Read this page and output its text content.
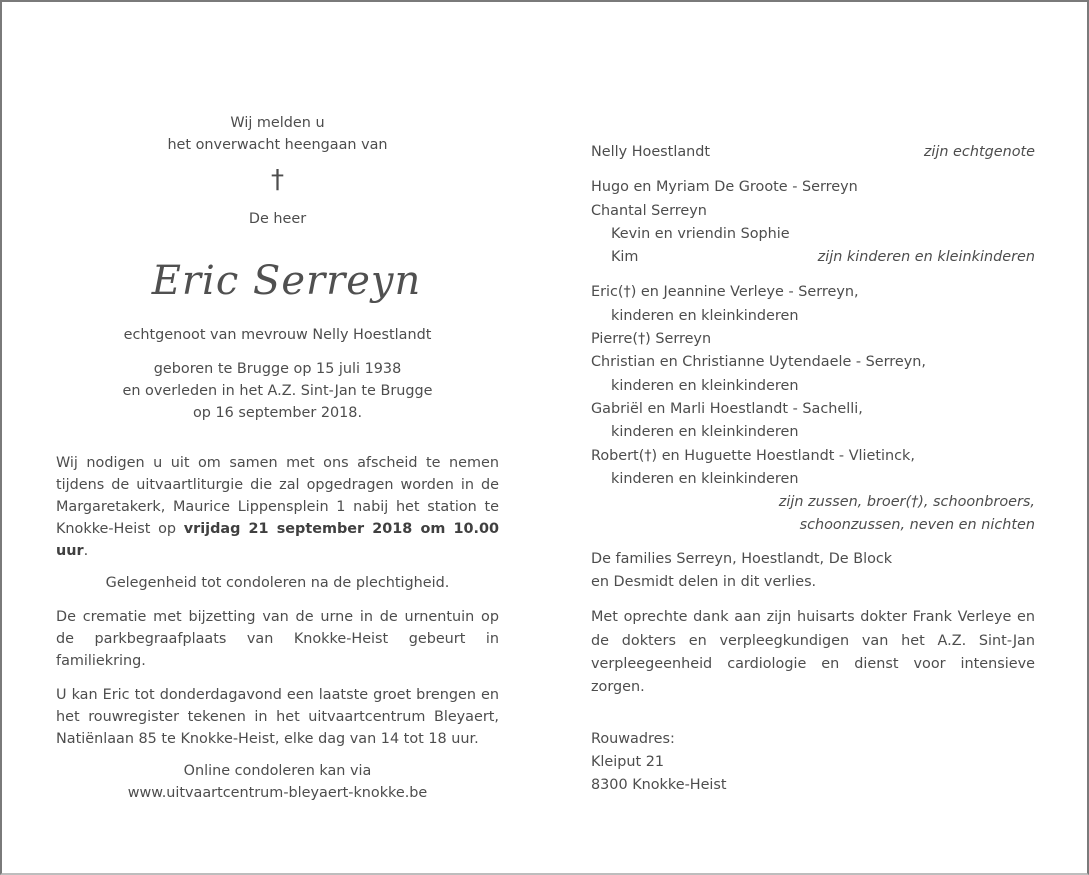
Wij melden u

het onverwacht heengaan van

†

De heer

Eric Serreyn

echtgenoot van mevrouw Nelly Hoestlandt

geboren te Brugge op 15 juli 1938

en overleden in het A.Z. Sint-Jan te Brugge

op 16 september 2018.

Wij nodigen u uit om samen met ons afscheid te nemen tijdens de uitvaartliturgie die zal opgedragen worden in de Margaretakerk, Maurice Lippensplein 1 nabij het station te Knokke-Heist op vrijdag 21 september 2018 om 10.00 uur.

Gelegenheid tot condoleren na de plechtigheid.

De crematie met bijzetting van de urne in de urnentuin op de parkbegraafplaats van Knokke-Heist gebeurt in familiekring.

U kan Eric tot donderdagavond een laatste groet brengen en het rouwregister tekenen in het uitvaartcentrum Bleyaert, Natiënlaan 85 te Knokke-Heist, elke dag van 14 tot 18 uur.

Online condoleren kan via

www.uitvaartcentrum-bleyaert-knokke.be

Nelly Hoestlandt	zijn echtgenote

Hugo en Myriam De Groote - Serreyn

Chantal Serreyn

Kevin en vriendin Sophie

Kim	zijn kinderen en kleinkinderen

Eric(†) en Jeannine Verleye - Serreyn,

kinderen en kleinkinderen

Pierre(†) Serreyn

Christian en Christianne Uytendaele - Serreyn,

kinderen en kleinkinderen

Gabriël en Marli Hoestlandt - Sachelli,

kinderen en kleinkinderen

Robert(†) en Huguette Hoestlandt - Vlietinck,

kinderen en kleinkinderen

zijn zussen, broer(†), schoonbroers,

schoonzussen, neven en nichten

De families Serreyn, Hoestlandt, De Block

en Desmidt delen in dit verlies.

Met oprechte dank aan zijn huisarts dokter Frank Verleye en de dokters en verpleegkundigen van het A.Z. Sint-Jan verpleegeenheid cardiologie en dienst voor intensieve zorgen.

Rouwadres:

Kleiput 21

8300 Knokke-Heist
